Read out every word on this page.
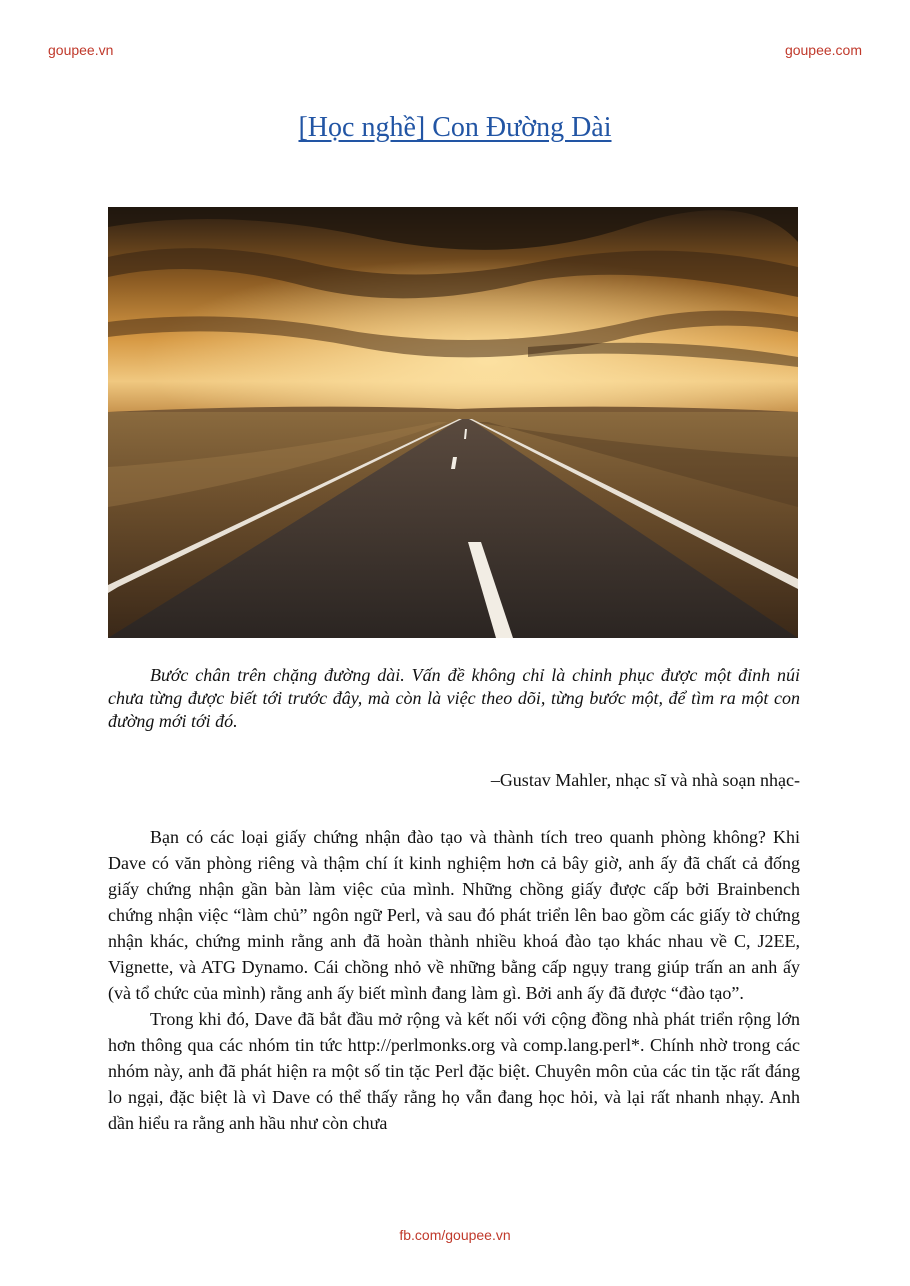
goupee.vn	goupee.com
[Học nghề] Con Đường Dài

Bước chân trên chặng đường dài. Vấn đề không chỉ là chinh phục được một đỉnh núi chưa từng được biết tới trước đây, mà còn là việc theo dõi, từng bước một, để tìm ra một con đường mới tới đó.

–Gustav Mahler, nhạc sĩ và nhà soạn nhạc-

Bạn có các loại giấy chứng nhận đào tạo và thành tích treo quanh phòng không? Khi Dave có văn phòng riêng và thậm chí ít kinh nghiệm hơn cả bây giờ, anh ấy đã chất cả đống giấy chứng nhận gần bàn làm việc của mình. Những chồng giấy được cấp bởi Brainbench chứng nhận việc “làm chủ” ngôn ngữ Perl, và sau đó phát triển lên bao gồm các giấy tờ chứng nhận khác, chứng minh rằng anh đã hoàn thành nhiều khoá đào tạo khác nhau về C, J2EE, Vignette, và ATG Dynamo. Cái chồng nhỏ về những bằng cấp ngụy trang giúp trấn an anh ấy (và tổ chức của mình) rằng anh ấy biết mình đang làm gì. Bởi anh ấy đã được “đào tạo”.

Trong khi đó, Dave đã bắt đầu mở rộng và kết nối với cộng đồng nhà phát triển rộng lớn hơn thông qua các nhóm tin tức http://perlmonks.org và comp.lang.perl*. Chính nhờ trong các nhóm này, anh đã phát hiện ra một số tin tặc Perl đặc biệt. Chuyên môn của các tin tặc rất đáng lo ngại, đặc biệt là vì Dave có thể thấy rằng họ vẫn đang học hỏi, và lại rất nhanh nhạy. Anh dần hiểu ra rằng anh hầu như còn chưa

fb.com/goupee.vn
